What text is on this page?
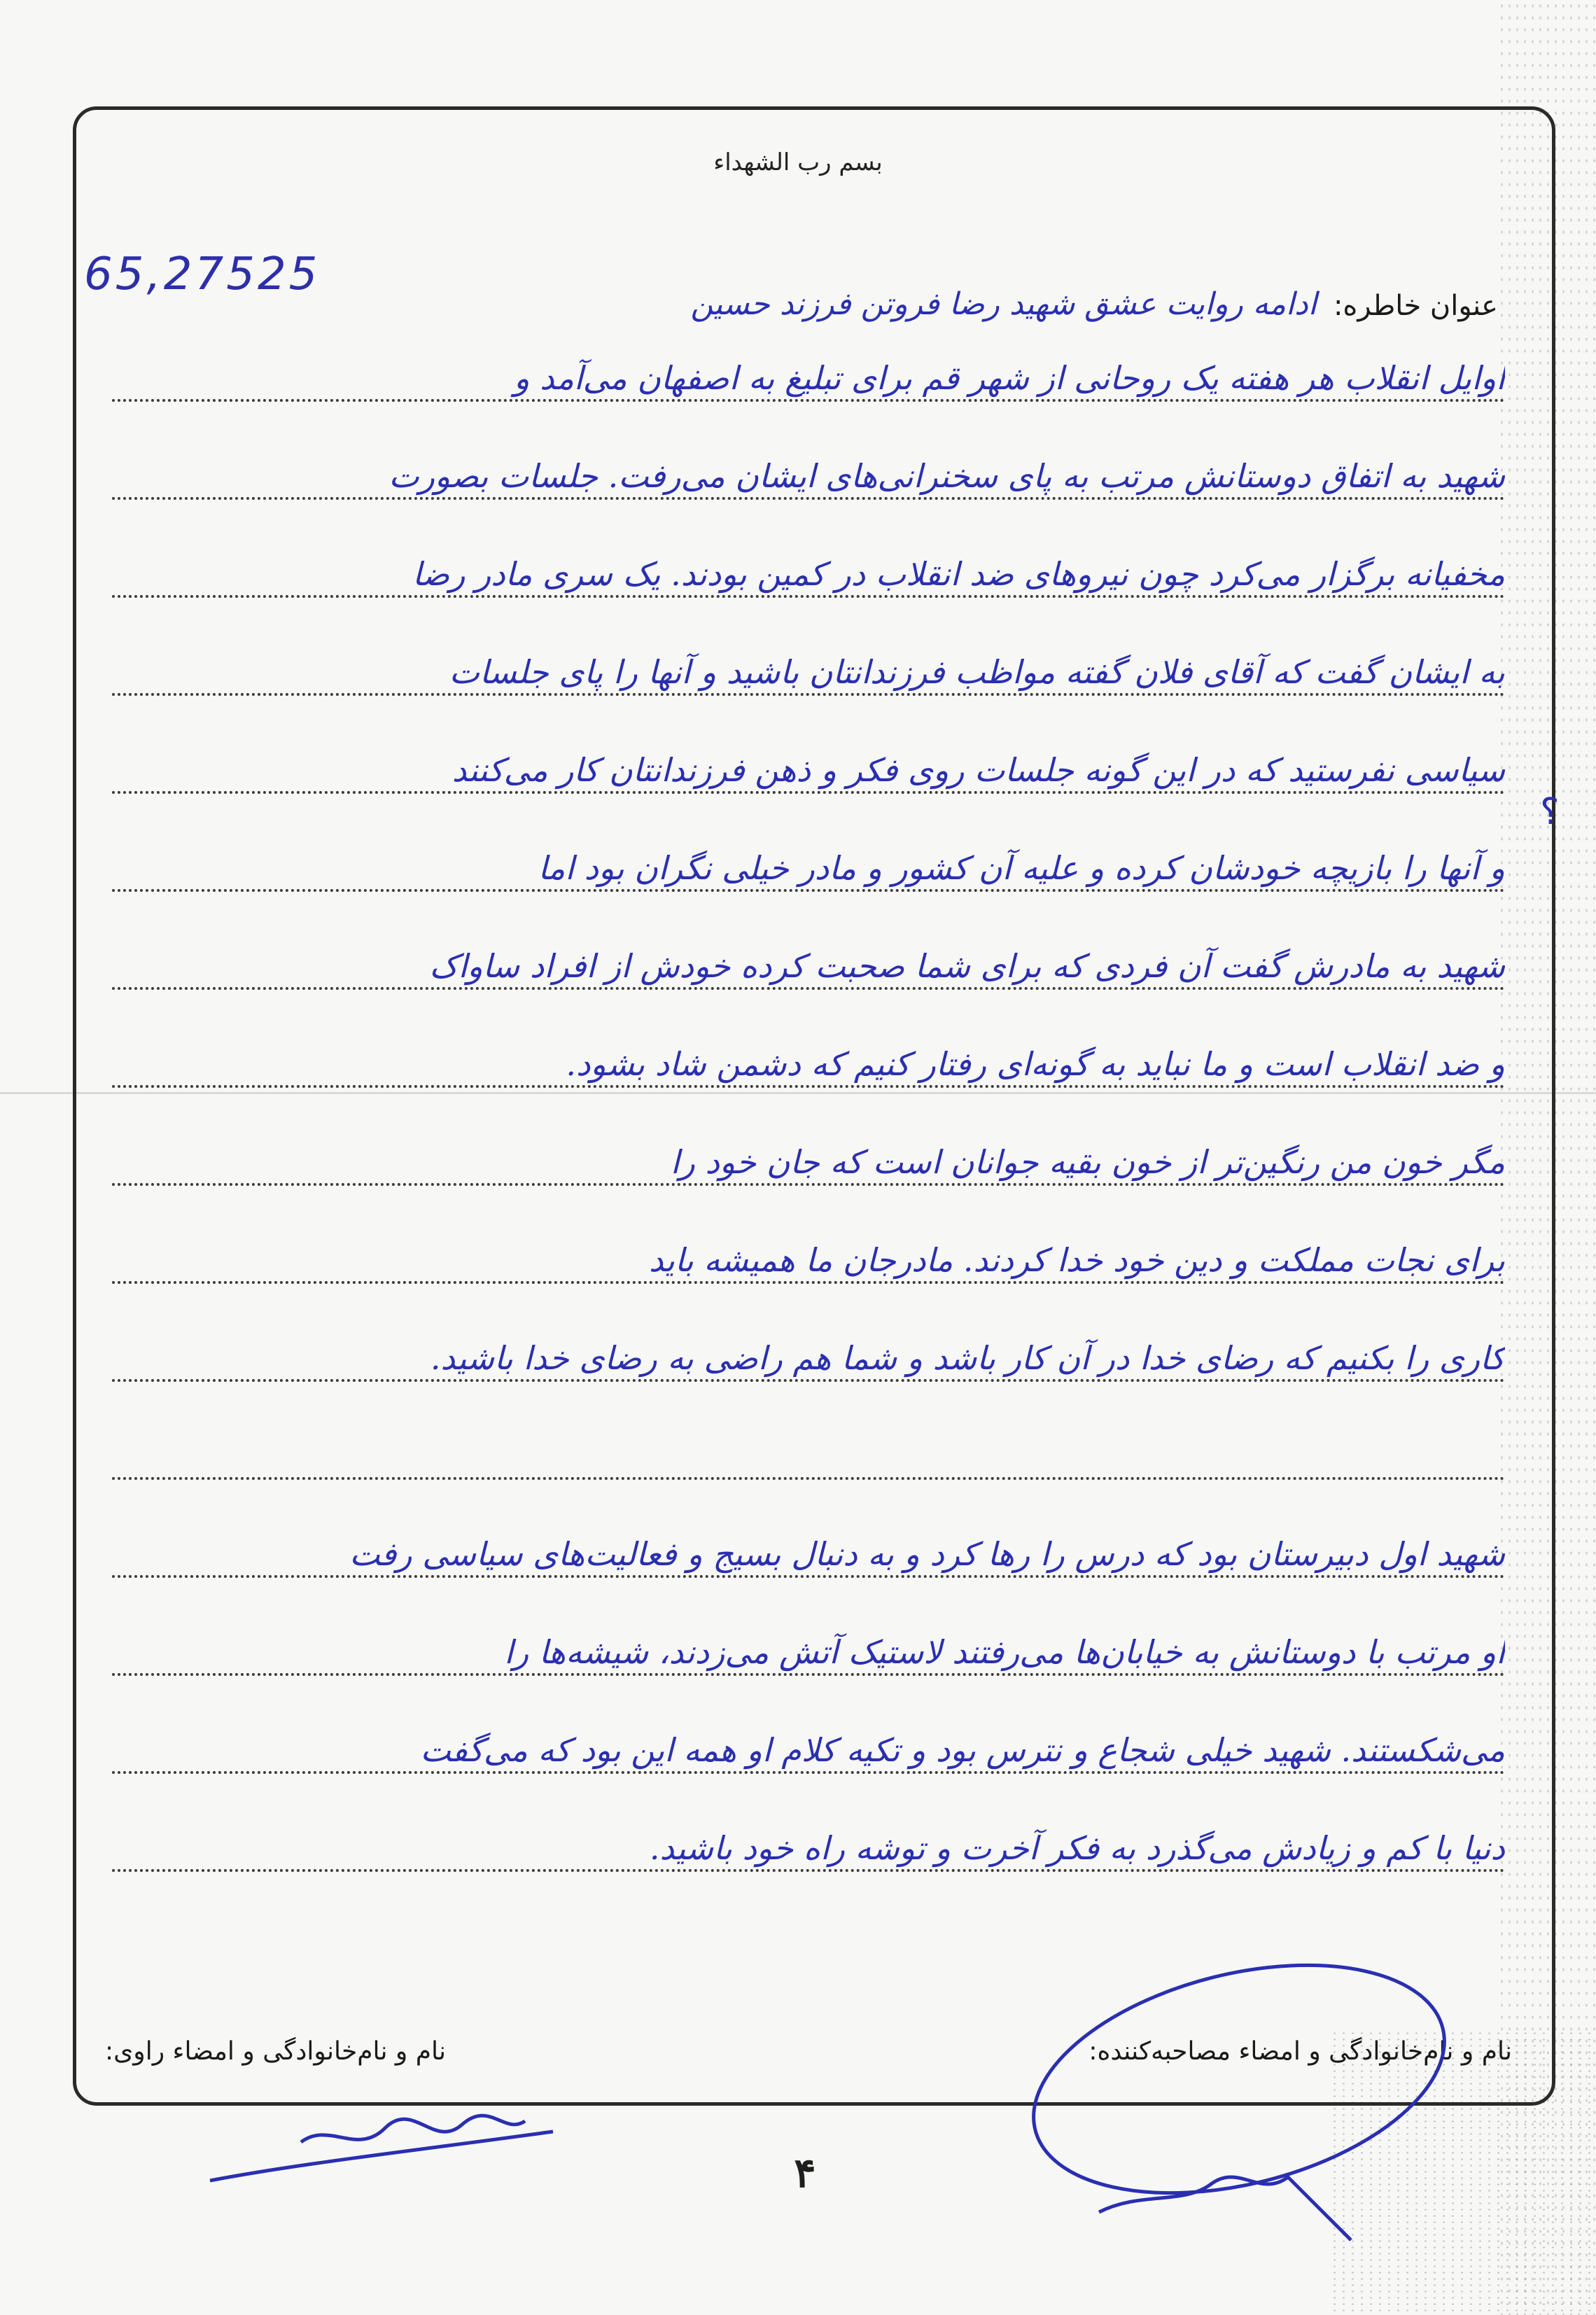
بسم رب الشهداء
65,27525
عنوان خاطره:
ادامه روایت عشق شهید رضا فروتن فرزند حسین
اوایل انقلاب هر هفته یک روحانی از شهر قم برای تبلیغ به اصفهان می‌آمد و
شهید به اتفاق دوستانش مرتب به پای سخنرانی‌های ایشان می‌رفت. جلسات بصورت
مخفیانه برگزار می‌کرد چون نیروهای ضد انقلاب در کمین بودند. یک سری مادر رضا
به ایشان گفت که آقای فلان گفته مواظب فرزندانتان باشید و آنها را پای جلسات
سیاسی نفرستید که در این گونه جلسات روی فکر و ذهن فرزندانتان کار می‌کنند
و آنها را بازیچه خودشان کرده و علیه آن کشور و مادر خیلی نگران بود اما
شهید به مادرش گفت آن فردی که برای شما صحبت کرده خودش از افراد ساواک
و ضد انقلاب است و ما نباید به گونه‌ای رفتار کنیم که دشمن شاد بشود.
مگر خون من رنگین‌تر از خون بقیه جوانان است که جان خود را
برای نجات مملکت و دین خود خدا کردند. مادرجان ما همیشه باید
کاری را بکنیم که رضای خدا در آن کار باشد و شما هم راضی به رضای خدا باشید.
شهید اول دبیرستان بود که درس را رها کرد و به دنبال بسیج و فعالیت‌های سیاسی رفت
او مرتب با دوستانش به خیابان‌ها می‌رفتند لاستیک آتش می‌زدند، شیشه‌ها را
می‌شکستند. شهید خیلی شجاع و نترس بود و تکیه کلام او همه این بود که می‌گفت
دنیا با کم و زیادش می‌گذرد به فکر آخرت و توشه راه خود باشید.
؟
نام و نام‌خانوادگی و امضاء مصاحبه‌کننده:
نام و نام‌خانوادگی و امضاء راوی:
۴
